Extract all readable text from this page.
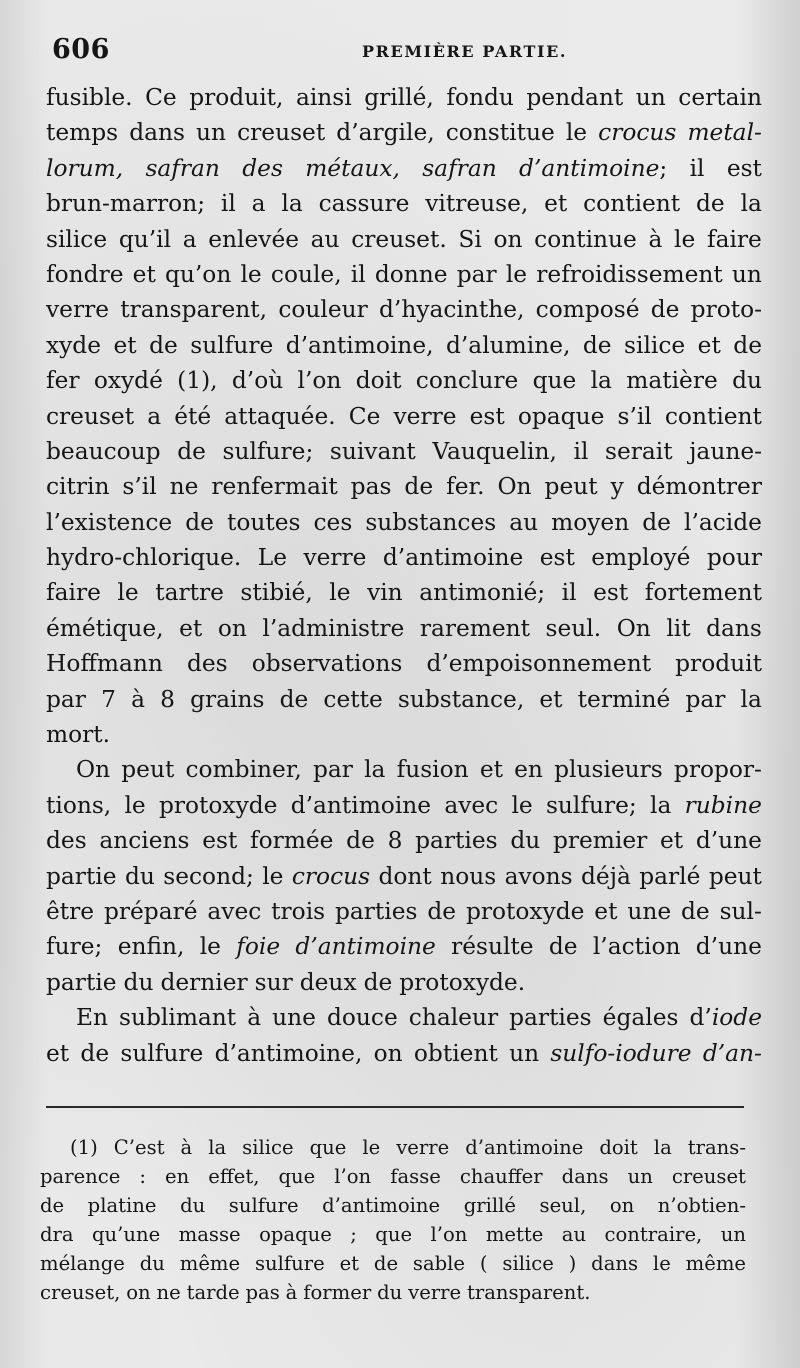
606	PREMIÈRE PARTIE.
fusible. Ce produit, ainsi grillé, fondu pendant un certain
temps dans un creuset d’argile, constitue le crocus metal-
lorum, safran des métaux, safran d’antimoine; il est
brun-marron; il a la cassure vitreuse, et contient de la
silice qu’il a enlevée au creuset. Si on continue à le faire
fondre et qu’on le coule, il donne par le refroidissement un
verre transparent, couleur d’hyacinthe, composé de proto-
xyde et de sulfure d’antimoine, d’alumine, de silice et de
fer oxydé (1), d’où l’on doit conclure que la matière du
creuset a été attaquée. Ce verre est opaque s’il contient
beaucoup de sulfure; suivant Vauquelin, il serait jaune-
citrin s’il ne renfermait pas de fer. On peut y démontrer
l’existence de toutes ces substances au moyen de l’acide
hydro-chlorique. Le verre d’antimoine est employé pour
faire le tartre stibié, le vin antimonié; il est fortement
émétique, et on l’administre rarement seul. On lit dans
Hoffmann des observations d’empoisonnement produit
par 7 à 8 grains de cette substance, et terminé par la
mort.
On peut combiner, par la fusion et en plusieurs propor-
tions, le protoxyde d’antimoine avec le sulfure; la rubine
des anciens est formée de 8 parties du premier et d’une
partie du second; le crocus dont nous avons déjà parlé peut
être préparé avec trois parties de protoxyde et une de sul-
fure; enfin, le foie d’antimoine résulte de l’action d’une
partie du dernier sur deux de protoxyde.
En sublimant à une douce chaleur parties égales d’iode
et de sulfure d’antimoine, on obtient un sulfo-iodure d’an-
(1) C’est à la silice que le verre d’antimoine doit la trans-
parence : en effet, que l’on fasse chauffer dans un creuset
de platine du sulfure d’antimoine grillé seul, on n’obtien-
dra qu’une masse opaque ; que l’on mette au contraire, un
mélange du même sulfure et de sable ( silice ) dans le même
creuset, on ne tarde pas à former du verre transparent.
